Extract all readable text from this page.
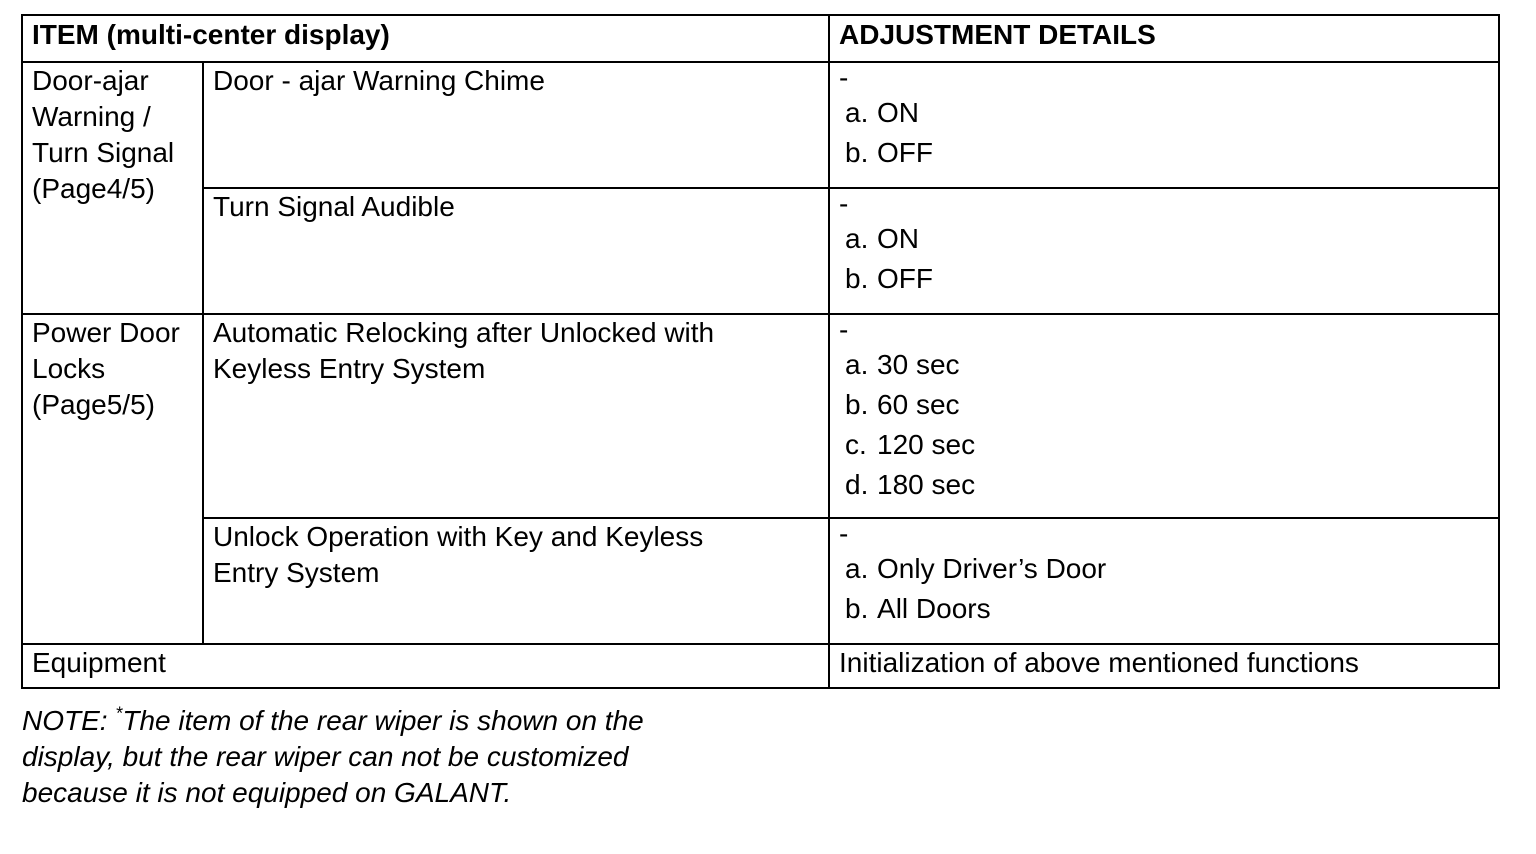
ITEM (multi-center display)		ADJUSTMENT DETAILS

Door-ajar
Warning /
Turn Signal
(Page4/5)	Door - ajar Warning Chime	-
a. ON
b. OFF

	Turn Signal Audible	-
a. ON
b. OFF

Power Door
Locks
(Page5/5)	Automatic Relocking after Unlocked with
Keyless Entry System	-
a. 30 sec
b. 60 sec
c. 120 sec
d. 180 sec

	Unlock Operation with Key and Keyless
Entry System	-
a. Only Driver’s Door
b. All Doors

Equipment		Initialization of above mentioned functions
NOTE: *The item of the rear wiper is shown on the
display, but the rear wiper can not be customized
because it is not equipped on GALANT.
